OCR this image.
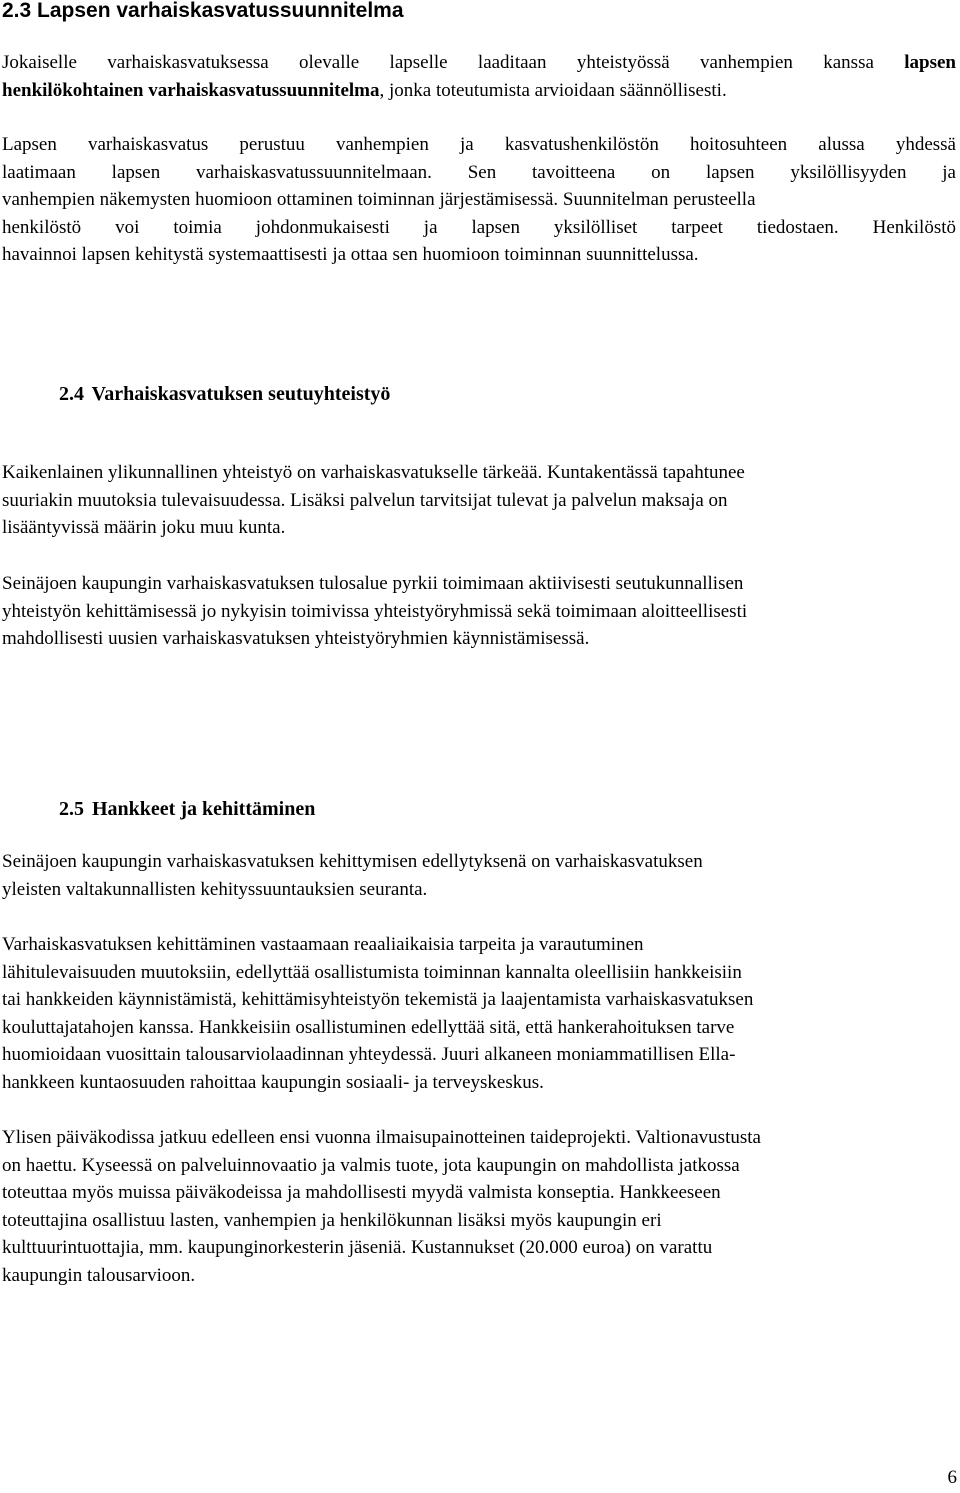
2.3 Lapsen varhaiskasvatussuunnitelma

Jokaiselle varhaiskasvatuksessa olevalle lapselle laaditaan yhteistyössä vanhempien kanssa lapsen
henkilökohtainen varhaiskasvatussuunnitelma, jonka toteutumista arvioidaan säännöllisesti.

Lapsen varhaiskasvatus perustuu vanhempien ja kasvatushenkilöstön hoitosuhteen alussa yhdessä
laatimaan lapsen varhaiskasvatussuunnitelmaan. Sen tavoitteena on lapsen yksilöllisyyden ja
vanhempien näkemysten huomioon ottaminen toiminnan järjestämisessä. Suunnitelman perusteella
henkilöstö voi toimia johdonmukaisesti ja lapsen yksilölliset tarpeet tiedostaen. Henkilöstö
havainnoi lapsen kehitystä systemaattisesti ja ottaa sen huomioon toiminnan suunnittelussa.

2.4 Varhaiskasvatuksen seutuyhteistyö

Kaikenlainen ylikunnallinen yhteistyö on varhaiskasvatukselle tärkeää. Kuntakentässä tapahtunee
suuriakin muutoksia tulevaisuudessa. Lisäksi palvelun tarvitsijat tulevat ja palvelun maksaja on
lisääntyvissä määrin joku muu kunta.

Seinäjoen kaupungin varhaiskasvatuksen tulosalue pyrkii toimimaan aktiivisesti seutukunnallisen
yhteistyön kehittämisessä jo nykyisin toimivissa yhteistyöryhmissä sekä toimimaan aloitteellisesti
mahdollisesti uusien varhaiskasvatuksen yhteistyöryhmien käynnistämisessä.

2.5 Hankkeet ja kehittäminen

Seinäjoen kaupungin varhaiskasvatuksen kehittymisen edellytyksenä on varhaiskasvatuksen
yleisten valtakunnallisten kehityssuuntauksien seuranta.

Varhaiskasvatuksen kehittäminen vastaamaan reaaliaikaisia tarpeita ja varautuminen
lähitulevaisuuden muutoksiin, edellyttää osallistumista toiminnan kannalta oleellisiin hankkeisiin
tai hankkeiden käynnistämistä, kehittämisyhteistyön tekemistä ja laajentamista varhaiskasvatuksen
kouluttajatahojen kanssa. Hankkeisiin osallistuminen edellyttää sitä, että hankerahoituksen tarve
huomioidaan vuosittain talousarviolaadinnan yhteydessä. Juuri alkaneen moniammatillisen Ella-
hankkeen kuntaosuuden rahoittaa kaupungin sosiaali- ja terveyskeskus.

Ylisen päiväkodissa jatkuu edelleen ensi vuonna ilmaisupainotteinen taideprojekti. Valtionavustusta
on haettu. Kyseessä on palveluinnovaatio ja valmis tuote, jota kaupungin on mahdollista jatkossa
toteuttaa myös muissa päiväkodeissa ja mahdollisesti myydä valmista konseptia. Hankkeeseen
toteuttajina osallistuu lasten, vanhempien ja henkilökunnan lisäksi myös kaupungin eri
kulttuurintuottajia, mm. kaupunginorkesterin jäseniä. Kustannukset (20.000 euroa) on varattu
kaupungin talousarvioon.

6
